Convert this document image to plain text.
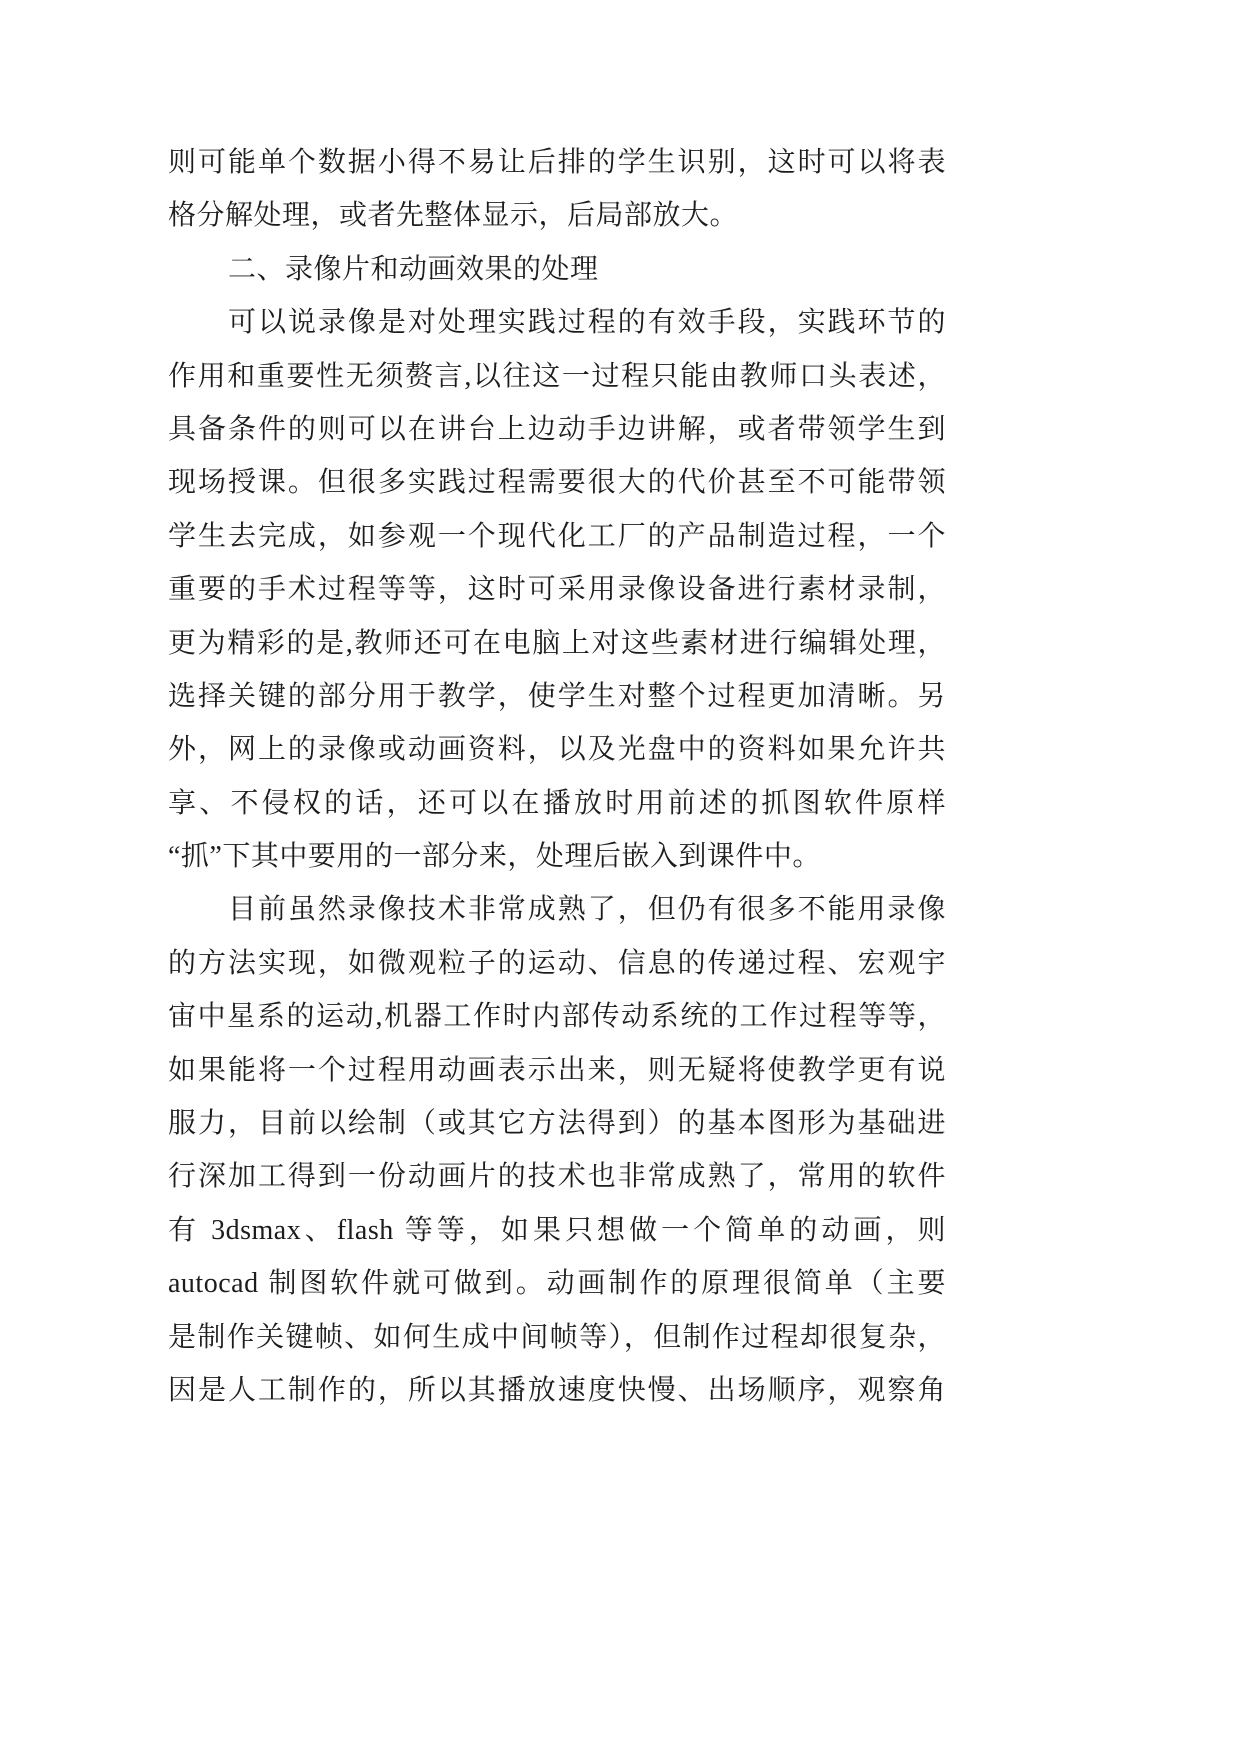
则可能单个数据小得不易让后排的学生识别，这时可以将表
格分解处理，或者先整体显示，后局部放大。
二、录像片和动画效果的处理
可以说录像是对处理实践过程的有效手段，实践环节的
作用和重要性无须赘言,以往这一过程只能由教师口头表述，
具备条件的则可以在讲台上边动手边讲解，或者带领学生到
现场授课。但很多实践过程需要很大的代价甚至不可能带领
学生去完成，如参观一个现代化工厂的产品制造过程，一个
重要的手术过程等等，这时可采用录像设备进行素材录制，
更为精彩的是,教师还可在电脑上对这些素材进行编辑处理，
选择关键的部分用于教学，使学生对整个过程更加清晰。另
外，网上的录像或动画资料，以及光盘中的资料如果允许共
享、不侵权的话，还可以在播放时用前述的抓图软件原样
“抓”下其中要用的一部分来，处理后嵌入到课件中。
目前虽然录像技术非常成熟了，但仍有很多不能用录像
的方法实现，如微观粒子的运动、信息的传递过程、宏观宇
宙中星系的运动,机器工作时内部传动系统的工作过程等等，
如果能将一个过程用动画表示出来，则无疑将使教学更有说
服力，目前以绘制（或其它方法得到）的基本图形为基础进
行深加工得到一份动画片的技术也非常成熟了，常用的软件
有 3dsmax、flash 等等，如果只想做一个简单的动画，则
autocad 制图软件就可做到。动画制作的原理很简单（主要
是制作关键帧、如何生成中间帧等），但制作过程却很复杂，
因是人工制作的，所以其播放速度快慢、出场顺序，观察角
